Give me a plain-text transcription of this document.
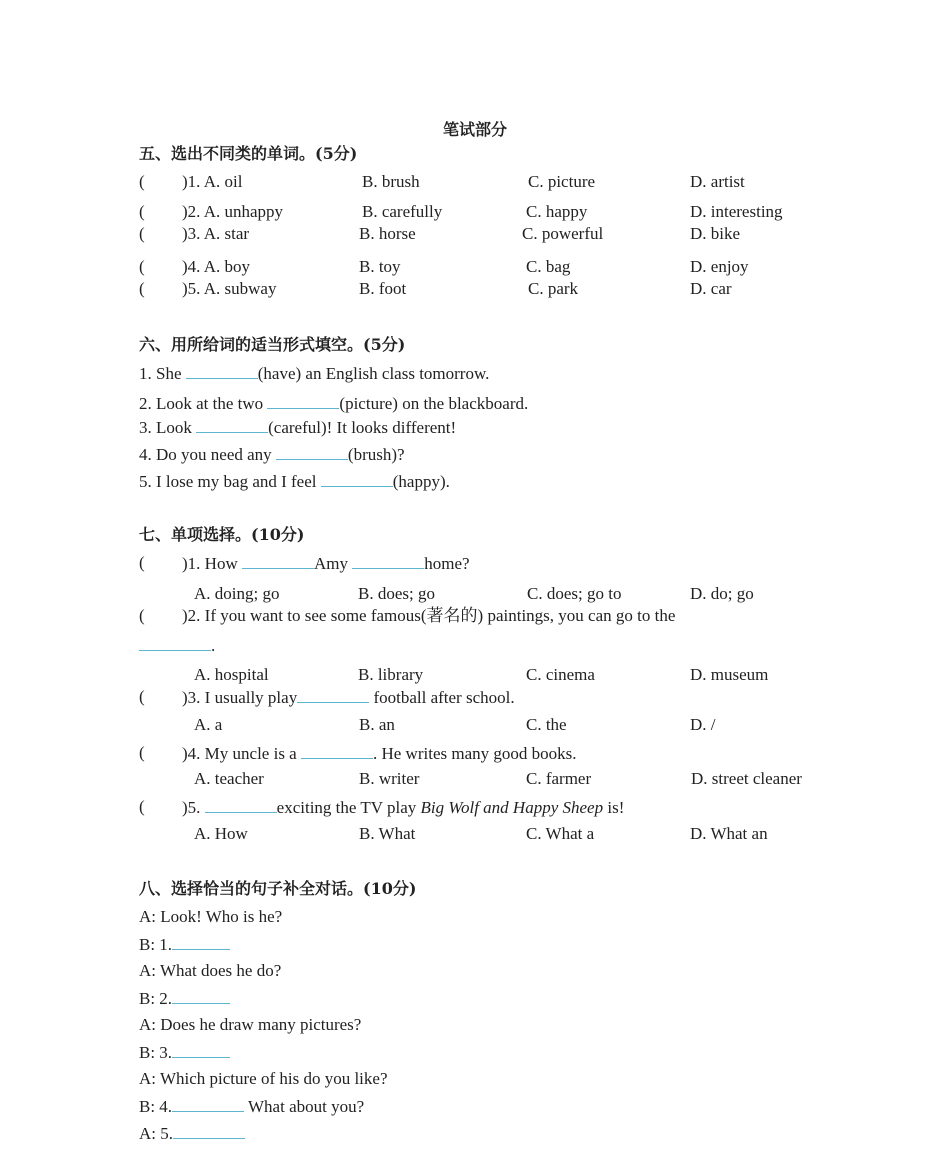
笔试部分
五、选出不同类的单词。(5分)
( )1. A. oil	B. brush	C. picture	D. artist
( )2. A. unhappy	B. carefully	C. happy	D. interesting
( )3. A. star	B. horse	C. powerful	D. bike
( )4. A. boy	B. toy	C. bag	D. enjoy
( )5. A. subway	B. foot	C. park	D. car
六、用所给词的适当形式填空。(5分)
1. She	(have) an English class tomorrow.
2. Look at the two	(picture) on the blackboard.
3. Look	(careful)! It looks different!
4. Do you need any	(brush)?
5. I lose my bag and I feel	(happy).
七、单项选择。(10分)
( )1. How	Amy	home?
A. doing; go	B. does; go	C. does; go to	D. do; go
( )2. If you want to see some famous(著名的) paintings, you can go to the
.
A. hospital	B. library	C. cinema	D. museum
( )3. I usually play	football after school.
A. a	B. an	C. the	D. /
( )4. My uncle is a	. He writes many good books.
A. teacher	B. writer	C. farmer	D. street cleaner
( )5.	exciting the TV play Big Wolf and Happy Sheep is!
A. How	B. What	C. What a	D. What an
八、选择恰当的句子补全对话。(10分)
A: Look! Who is he?
B: 1.
A: What does he do?
B: 2.
A: Does he draw many pictures?
B: 3.
A: Which picture of his do you like?
B: 4.	What about you?
A: 5.
